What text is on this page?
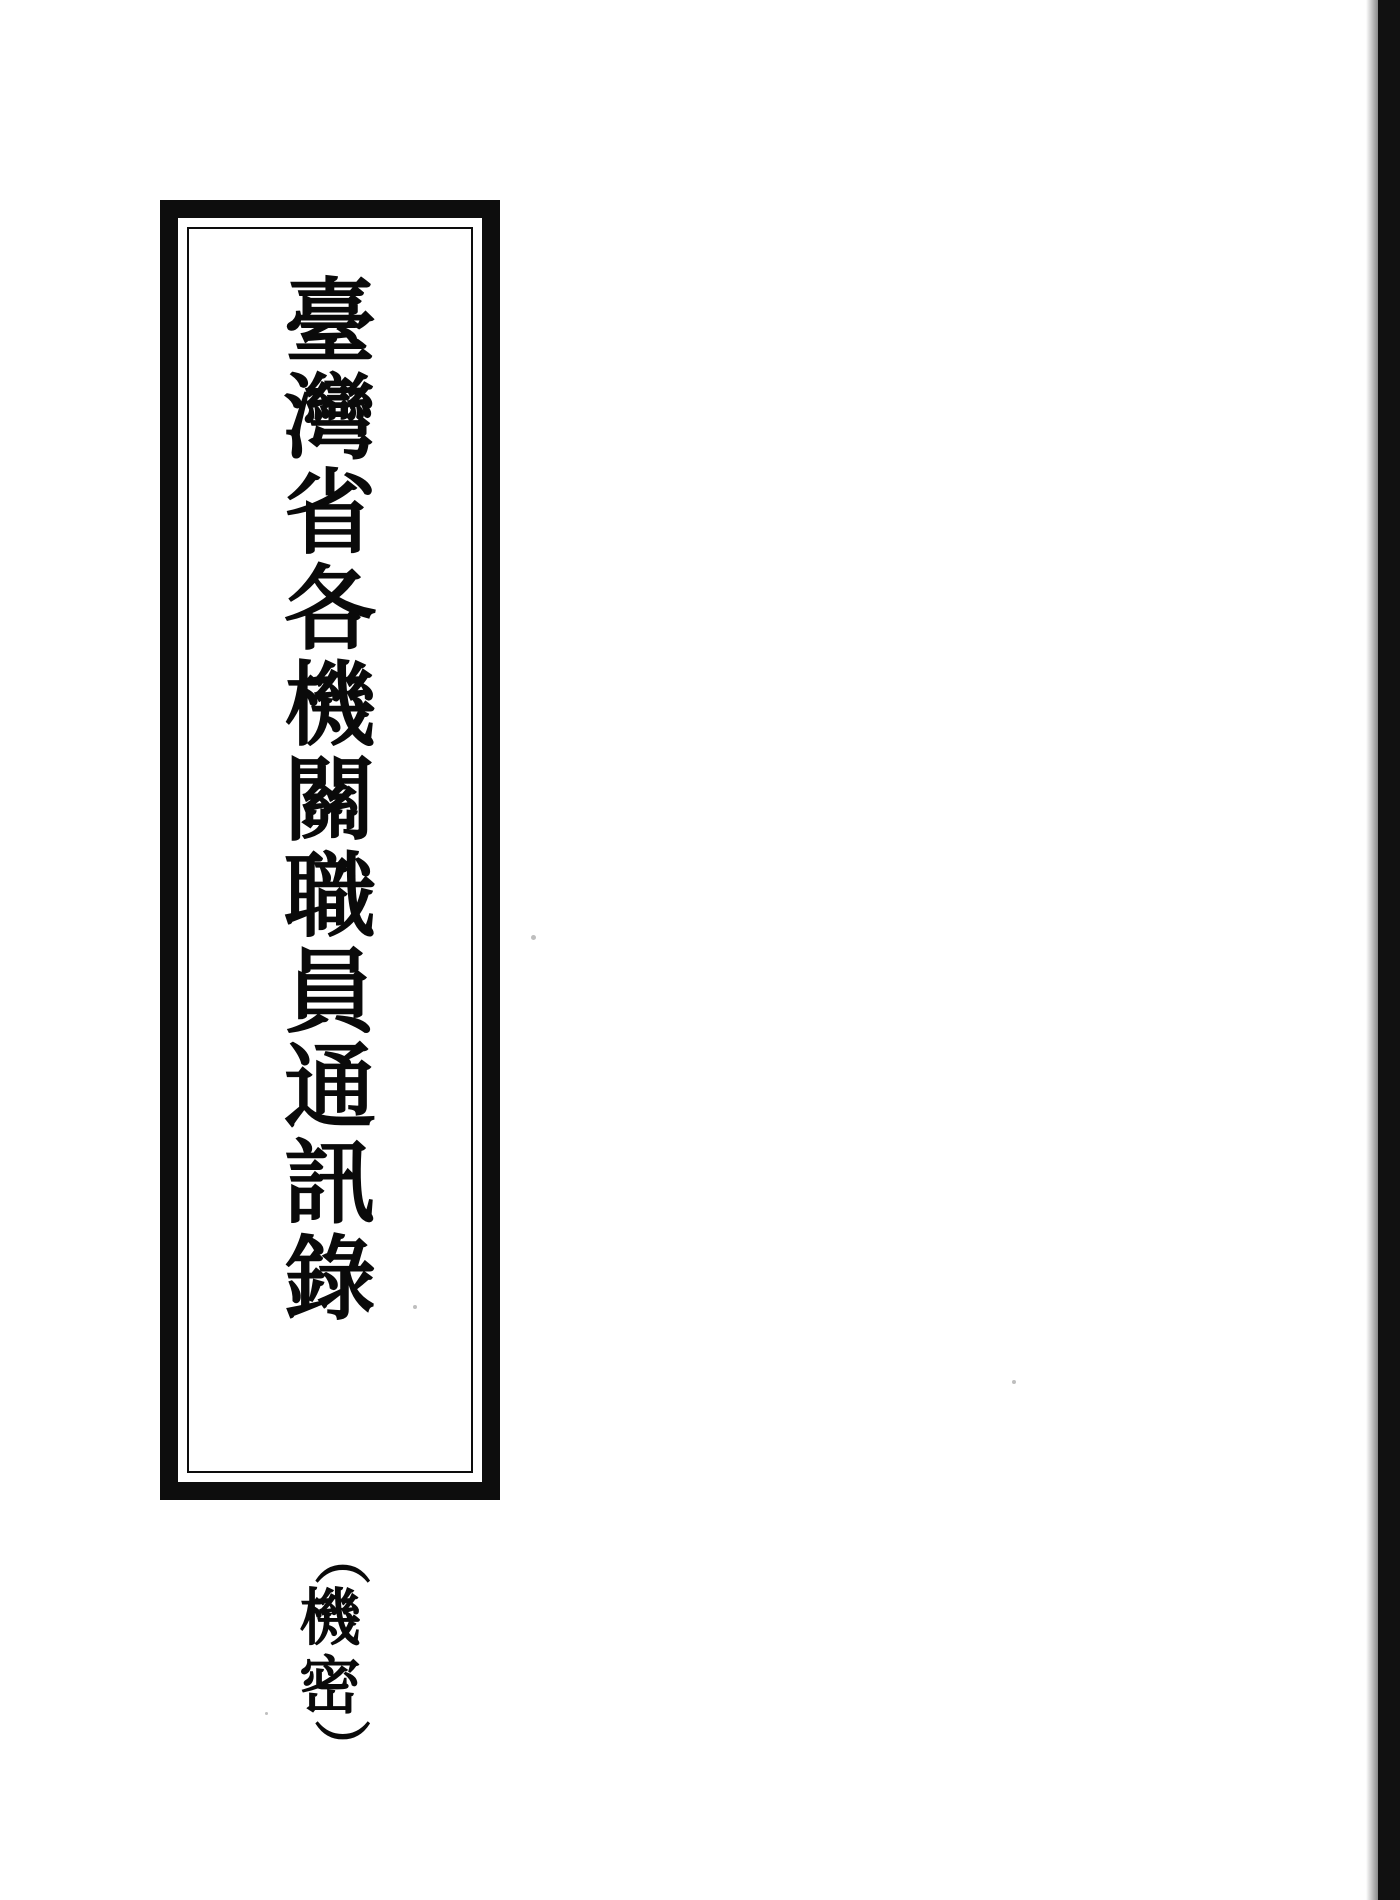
臺
灣
省
各
機
關
職
員
通
訊
錄
（
機
密
）
